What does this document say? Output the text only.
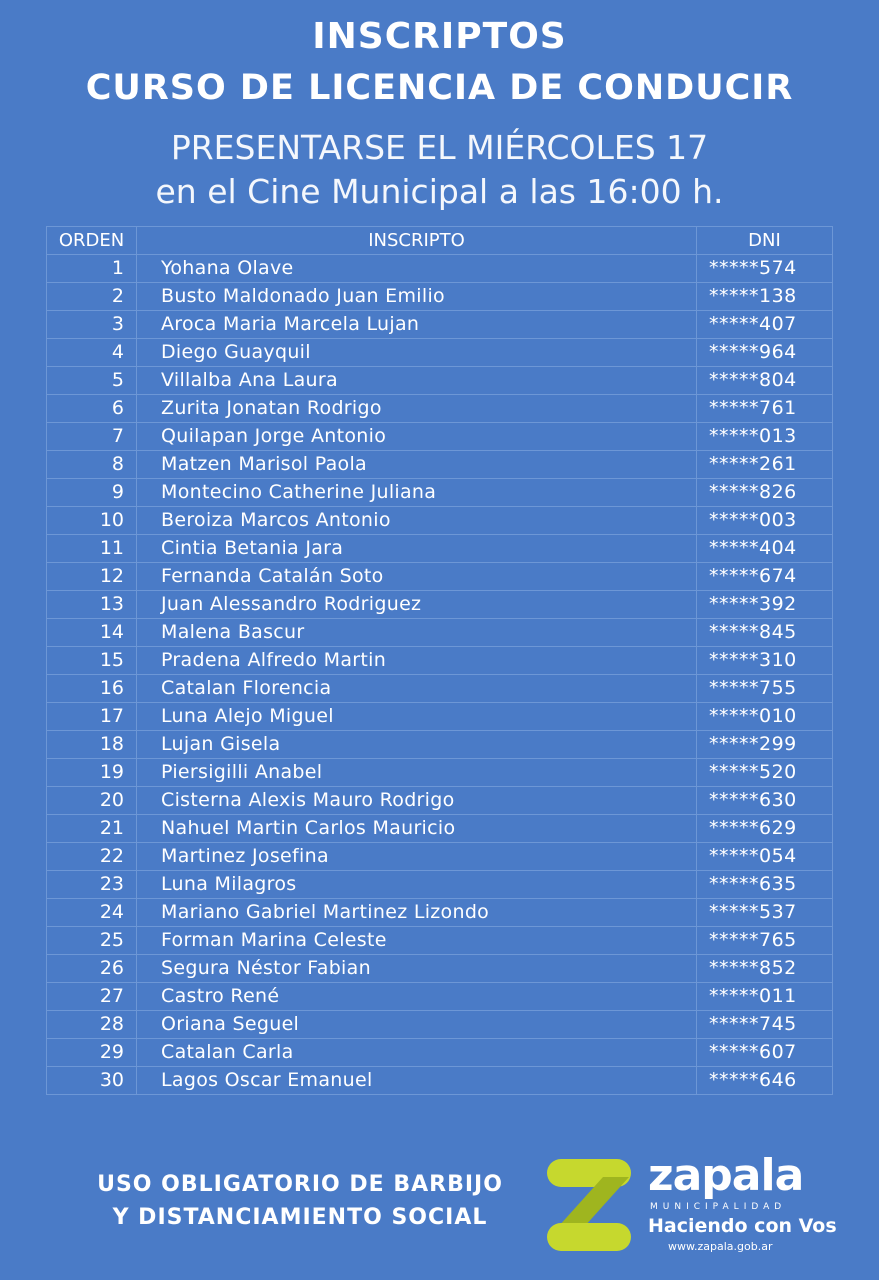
INSCRIPTOS
CURSO DE LICENCIA DE CONDUCIR
PRESENTARSE EL MIÉRCOLES 17
en el Cine Municipal a las 16:00 h.
ORDEN	INSCRIPTO	DNI
1	Yohana Olave	*****574
2	Busto Maldonado Juan Emilio	*****138
3	Aroca Maria Marcela Lujan	*****407
4	Diego Guayquil	*****964
5	Villalba Ana Laura	*****804
6	Zurita Jonatan Rodrigo	*****761
7	Quilapan Jorge Antonio	*****013
8	Matzen Marisol Paola	*****261
9	Montecino Catherine Juliana	*****826
10	Beroiza Marcos Antonio	*****003
11	Cintia Betania Jara	*****404
12	Fernanda Catalán Soto	*****674
13	Juan Alessandro Rodriguez	*****392
14	Malena Bascur	*****845
15	Pradena Alfredo Martin	*****310
16	Catalan Florencia	*****755
17	Luna Alejo Miguel	*****010
18	Lujan Gisela	*****299
19	Piersigilli Anabel	*****520
20	Cisterna Alexis Mauro Rodrigo	*****630
21	Nahuel Martin Carlos Mauricio	*****629
22	Martinez Josefina	*****054
23	Luna Milagros	*****635
24	Mariano Gabriel Martinez Lizondo	*****537
25	Forman Marina Celeste	*****765
26	Segura Néstor Fabian	*****852
27	Castro René	*****011
28	Oriana Seguel	*****745
29	Catalan Carla	*****607
30	Lagos Oscar Emanuel	*****646
USO OBLIGATORIO DE BARBIJO
Y DISTANCIAMIENTO SOCIAL
zapala
MUNICIPALIDAD
Haciendo con Vos
www.zapala.gob.ar
